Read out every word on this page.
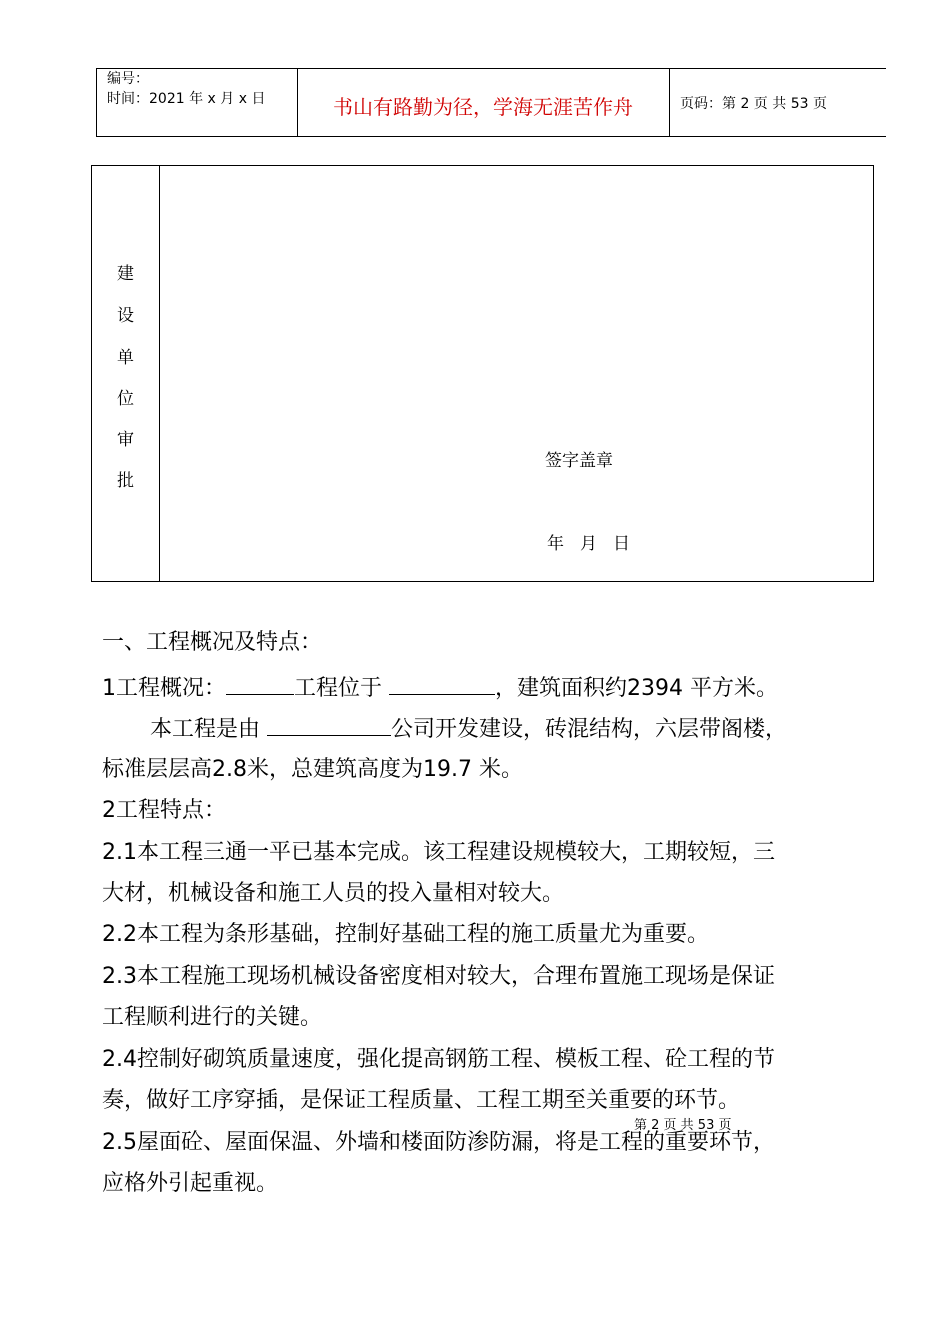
编号：
时间：2021 年 x 月 x 日	书山有路勤为径，学海无涯苦作舟	页码：第 2 页 共 53 页
建
设
单
位
审
批
签字盖章
年 月 日
一、工程概况及特点：
1工程概况：	工程位于	，建筑面积约2394 平方米。
本工程是由	公司开发建设，砖混结构，六层带阁楼，
标准层层高2.8米，总建筑高度为19.7 米。
2工程特点：
2.1本工程三通一平已基本完成。该工程建设规模较大，工期较短，三
大材，机械设备和施工人员的投入量相对较大。
2.2本工程为条形基础，控制好基础工程的施工质量尤为重要。
2.3本工程施工现场机械设备密度相对较大，合理布置施工现场是保证
工程顺利进行的关键。
2.4控制好砌筑质量速度，强化提高钢筋工程、模板工程、砼工程的节
奏，做好工序穿插，是保证工程质量、工程工期至关重要的环节。
第 2 页 共 53 页
2.5屋面砼、屋面保温、外墙和楼面防渗防漏，将是工程的重要环节，
应格外引起重视。
